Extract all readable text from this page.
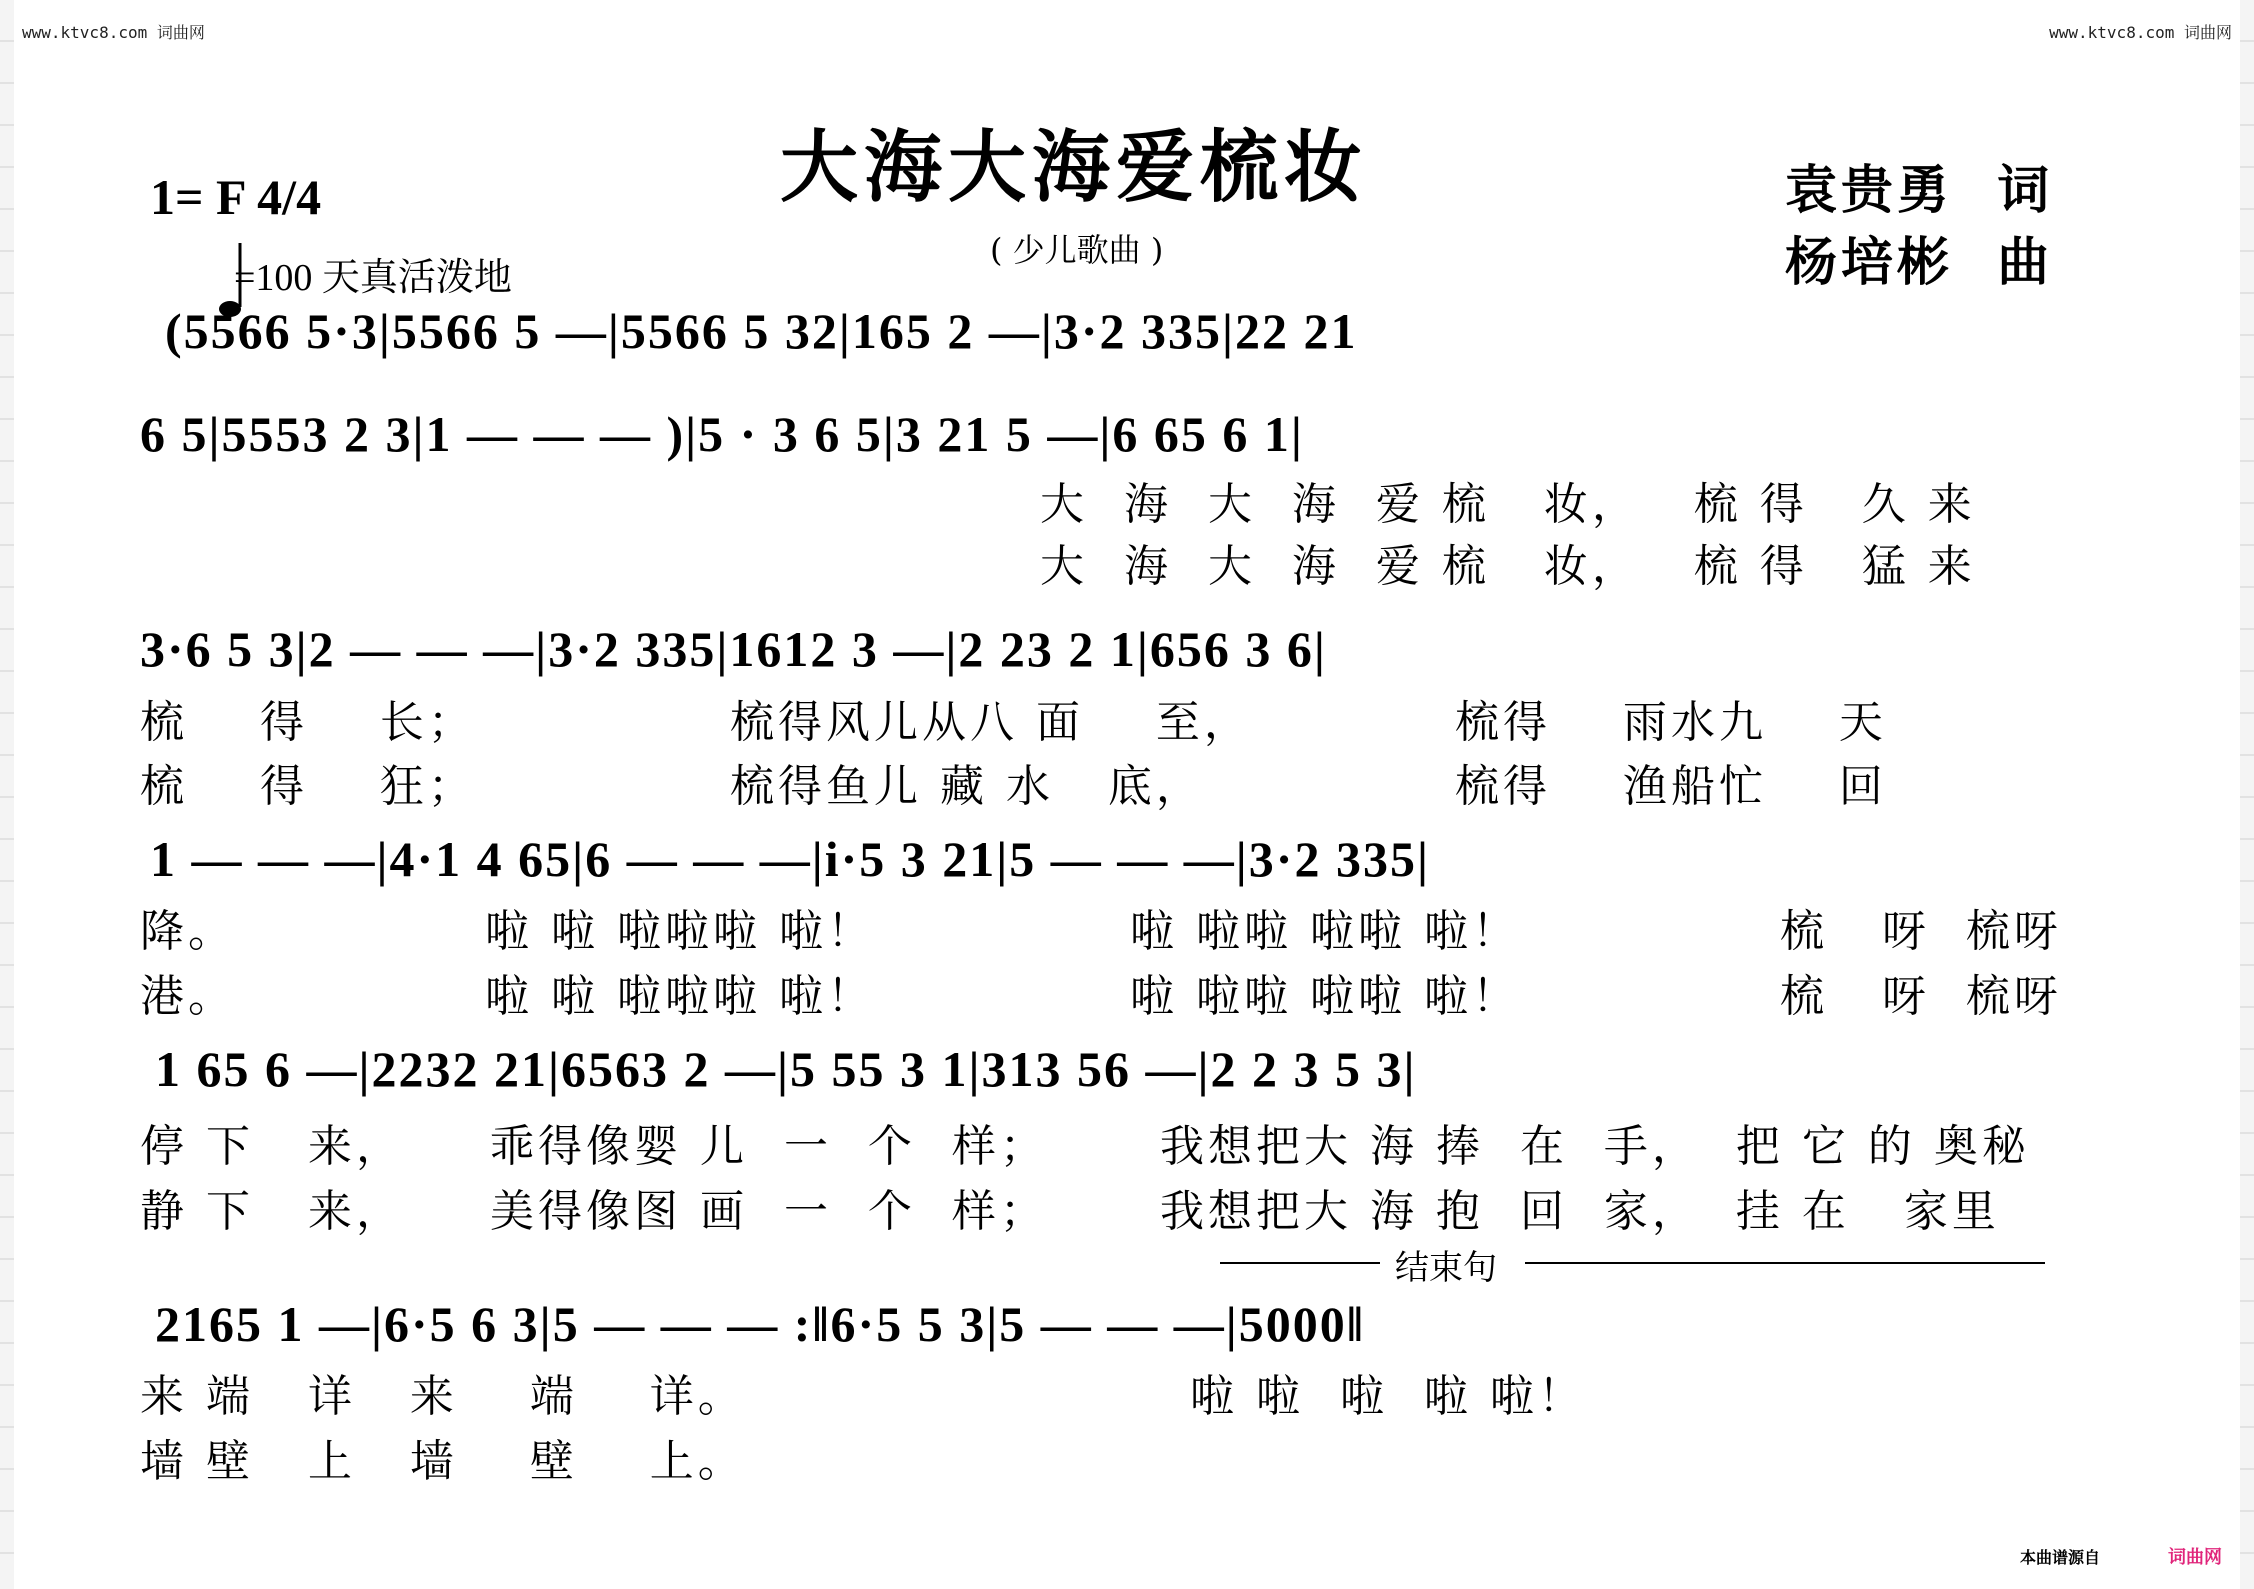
www.ktvc8.com 词曲网	www.ktvc8.com 词曲网
大海大海爱梳妆
( 少儿歌曲 )
袁贵勇  词
杨培彬  曲
1= F 4/4

=100 天真活泼地
(5566 5·3|5566 5 —|5566 5 32|165 2 —|3·2 335|22 21
6 5|5553 2 3|1 — — — )|5 · 3 6 5|3 21 5 —|6 65 6 1|
大  海  大  海  爱 梳   妆，   梳 得   久 来
大  海  大  海  爱 梳   妆，   梳 得   猛 来
3·6 5 3|2 — — —|3·2 335|1612 3 —|2 23 2 1|656 3 6|
梳    得    长；
梳    得    狂；
梳得风儿从八 面    至，
梳得鱼儿 藏 水   底，
梳得    雨水九    天
梳得    渔船忙    回
1 — — —|4·1 4 65|6 — — —|i·5 3 21|5 — — —|3·2 335|
降。
港。
啦 啦 啦啦啦 啦！
啦 啦 啦啦啦 啦！
啦 啦啦 啦啦 啦！
啦 啦啦 啦啦 啦！
梳   呀  梳呀
梳   呀  梳呀
1 65 6 —|2232 21|6563 2 —|5 55 3 1|313 56 —|2 2 3 5 3|
停 下   来，
静 下   来，
乖得像婴 儿  一  个  样；
美得像图 画  一  个  样；
我想把大 海 捧  在  手，  把 它 的 奥秘
我想把大 海 抱  回  家，  挂 在   家里
结束句
2165 1 —|6·5 6 3|5 — — — :‖6·5 5 3|5 — — —|5000‖
来 端   详   来    端    详。
墙 壁   上   墙    壁    上。
啦 啦  啦  啦 啦！
本曲谱源自	词曲网
